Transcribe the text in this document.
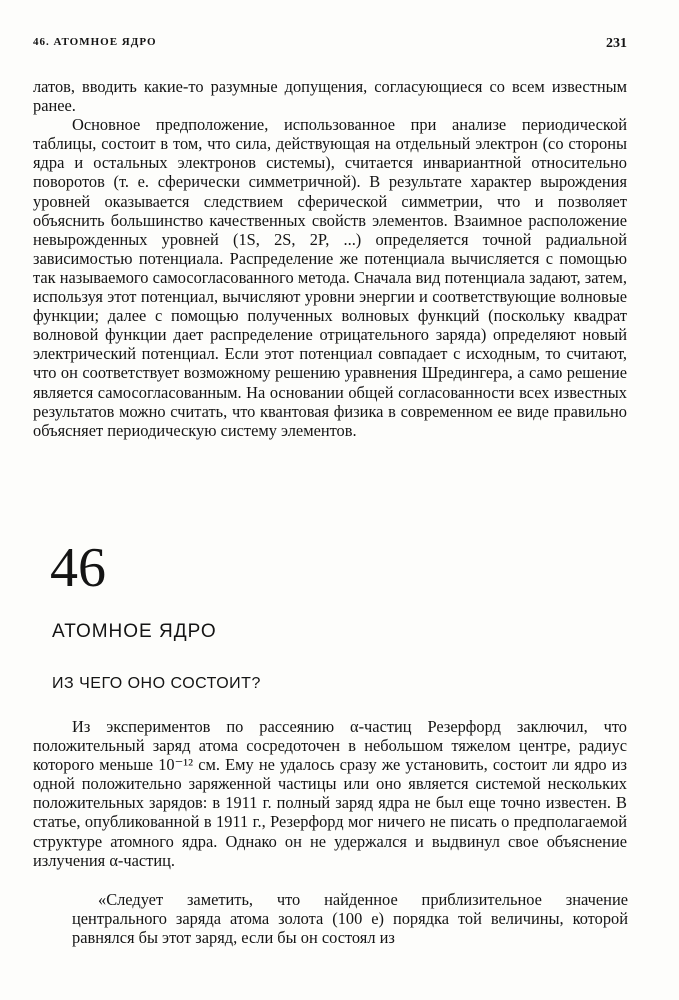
46. АТОМНОЕ ЯДРО	231

латов, вводить какие-то разумные допущения, согласующиеся со всем известным ранее.

Основное предположение, использованное при анализе периодической таблицы, состоит в том, что сила, действующая на отдельный электрон (со стороны ядра и остальных электронов системы), считается инвариантной относительно поворотов (т. е. сферически симметричной). В результате характер вырождения уровней оказывается следствием сферической симметрии, что и позволяет объяснить большинство качественных свойств элементов. Взаимное расположение невырожденных уровней (1S, 2S, 2P, ...) определяется точной радиальной зависимостью потенциала. Распределение же потенциала вычисляется с помощью так называемого самосогласованного метода. Сначала вид потенциала задают, затем, используя этот потенциал, вычисляют уровни энергии и соответствующие волновые функции; далее с помощью полученных волновых функций (поскольку квадрат волновой функции дает распределение отрицательного заряда) определяют новый электрический потенциал. Если этот потенциал совпадает с исходным, то считают, что он соответствует возможному решению уравнения Шредингера, а само решение является самосогласованным. На основании общей согласованности всех известных результатов можно считать, что квантовая физика в современном ее виде правильно объясняет периодическую систему элементов.

46
АТОМНОЕ ЯДРО
ИЗ ЧЕГО ОНО СОСТОИТ?

Из экспериментов по рассеянию α-частиц Резерфорд заключил, что положительный заряд атома сосредоточен в небольшом тяжелом центре, радиус которого меньше 10⁻¹² см. Ему не удалось сразу же установить, состоит ли ядро из одной положительно заряженной частицы или оно является системой нескольких положительных зарядов: в 1911 г. полный заряд ядра не был еще точно известен. В статье, опубликованной в 1911 г., Резерфорд мог ничего не писать о предполагаемой структуре атомного ядра. Однако он не удержался и выдвинул свое объяснение излучения α-частиц.

«Следует заметить, что найденное приблизительное значение центрального заряда атома золота (100 e) порядка той величины, которой равнялся бы этот заряд, если бы он состоял из
